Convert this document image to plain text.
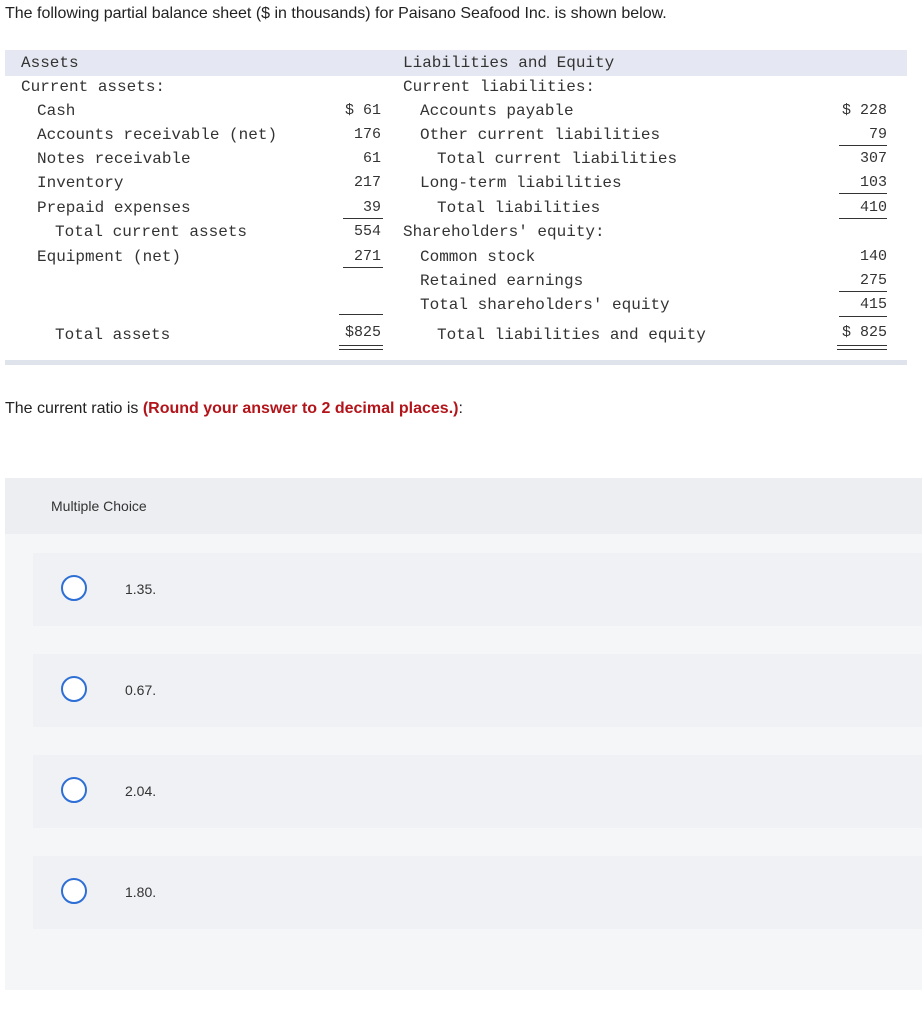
The following partial balance sheet ($ in thousands) for Paisano Seafood Inc. is shown below.
Assets
Current assets:
Cash	$ 61
Accounts receivable (net)	176
Notes receivable	61
Inventory	217
Prepaid expenses	39
Total current assets	554
Equipment (net)	271
Total assets	$825
Liabilities and Equity
Current liabilities:
Accounts payable	$ 228
Other current liabilities	79
Total current liabilities	307
Long-term liabilities	103
Total liabilities	410
Shareholders' equity:
Common stock	140
Retained earnings	275
Total shareholders' equity	415
Total liabilities and equity	$ 825
The current ratio is (Round your answer to 2 decimal places.):
Multiple Choice
1.35.
0.67.
2.04.
1.80.
